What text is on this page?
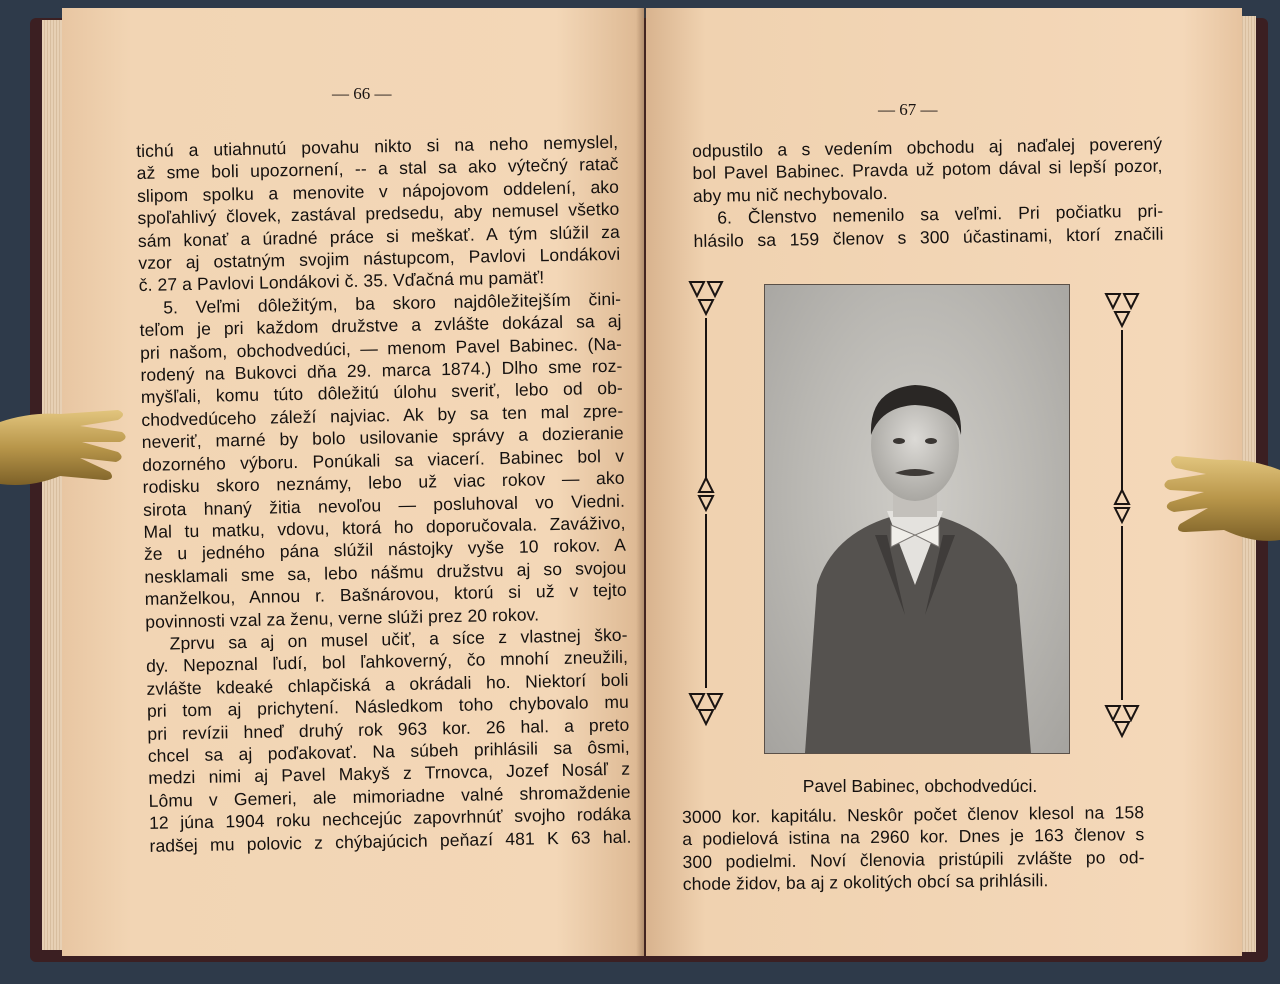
— 66 —
tichú a utiahnutú povahu nikto si na neho nemyslel,
až sme boli upozornení, -- a stal sa ako výtečný ratač
slipom spolku a menovite v nápojovom oddelení, ako
spoľahlivý človek, zastával predsedu, aby nemusel všetko
sám konať a úradné práce si meškať. A tým slúžil za
vzor aj ostatným svojim nástupcom, Pavlovi Londákovi
č. 27 a Pavlovi Londákovi č. 35. Vďačná mu pamäť!
5. Veľmi dôležitým, ba skoro najdôležitejším čini-
teľom je pri každom družstve a zvlášte dokázal sa aj
pri našom, obchodvedúci, — menom Pavel Babinec. (Na-
rodený na Bukovci dňa 29. marca 1874.) Dlho sme roz-
myšľali, komu túto dôležitú úlohu sveriť, lebo od ob-
chodvedúceho záleží najviac. Ak by sa ten mal zpre-
neveriť, marné by bolo usilovanie správy a dozieranie
dozorného výboru. Ponúkali sa viacerí. Babinec bol v
rodisku skoro neznámy, lebo už viac rokov — ako
sirota hnaný žitia nevoľou — posluhoval vo Viedni.
Mal tu matku, vdovu, ktorá ho doporučovala. Zaváživo,
že u jedného pána slúžil nástojky vyše 10 rokov. A
nesklamali sme sa, lebo nášmu družstvu aj so svojou
manželkou, Annou r. Bašnárovou, ktorú si už v tejto
povinnosti vzal za ženu, verne slúži prez 20 rokov.
Zprvu sa aj on musel učiť, a síce z vlastnej ško-
dy. Nepoznal ľudí, bol ľahkoverný, čo mnohí zneužili,
zvlášte kdeaké chlapčiská a okrádali ho. Niektorí boli
pri tom aj prichytení. Následkom toho chybovalo mu
pri revízii hneď druhý rok 963 kor. 26 hal. a preto
chcel sa aj poďakovať. Na súbeh prihlásili sa ôsmi,
medzi nimi aj Pavel Makyš z Trnovca, Jozef Nosáľ z
Lômu v Gemeri, ale mimoriadne valné shromaždenie
12 júna 1904 roku nechcejúc zapovrhnúť svojho rodáka
radšej mu polovic z chýbajúcich peňazí 481 K 63 hal.
— 67 —
odpustilo a s vedením obchodu aj naďalej poverený
bol Pavel Babinec. Pravda už potom dával si lepší pozor,
aby mu nič nechybovalo.
6. Členstvo nemenilo sa veľmi. Pri počiatku pri-
hlásilo sa 159 členov s 300 účastinami, ktorí značili
Pavel Babinec, obchodvedúci.
3000 kor. kapitálu. Neskôr počet členov klesol na 158
a podielová istina na 2960 kor. Dnes je 163 členov s
300 podielmi. Noví členovia pristúpili zvlášte po od-
chode židov, ba aj z okolitých obcí sa prihlásili.
